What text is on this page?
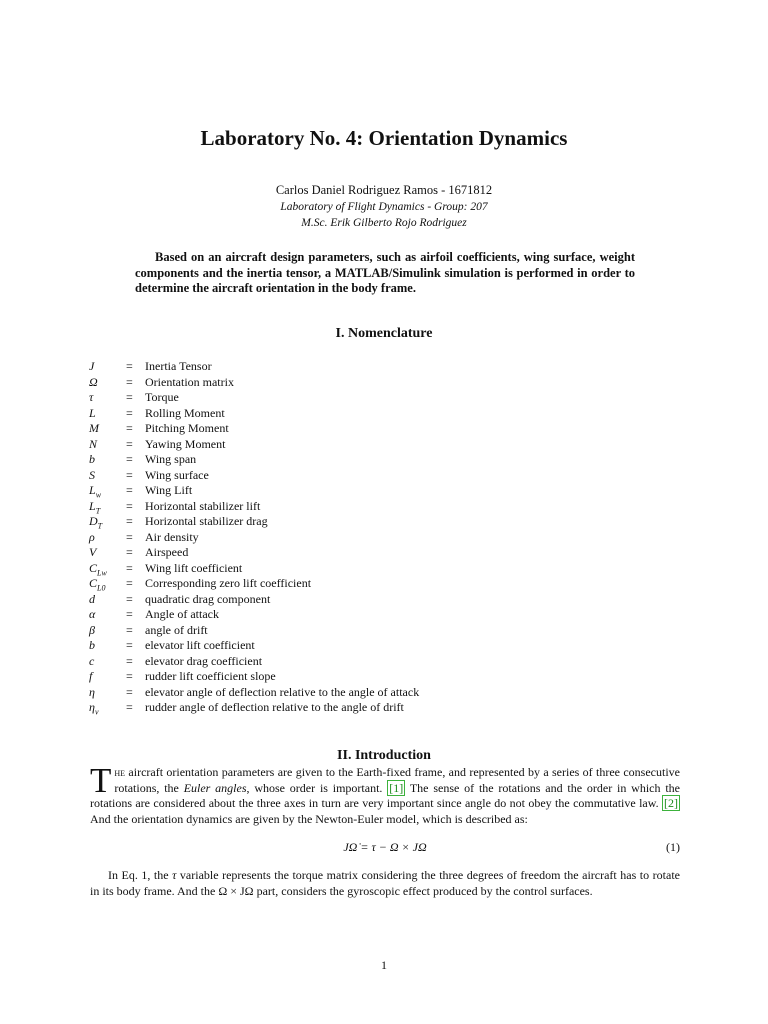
Laboratory No. 4: Orientation Dynamics
Carlos Daniel Rodriguez Ramos - 1671812
Laboratory of Flight Dynamics - Group: 207
M.Sc. Erik Gilberto Rojo Rodriguez
Based on an aircraft design parameters, such as airfoil coefficients, wing surface, weight components and the inertia tensor, a MATLAB/Simulink simulation is performed in order to determine the aircraft orientation in the body frame.
I. Nomenclature
J	= Inertia Tensor
Ω = Orientation matrix
τ	= Torque
L	= Rolling Moment
M = Pitching Moment
N = Yawing Moment
b	= Wing span
S	= Wing surface
$L_w$ = Wing Lift
$L_T$ = Horizontal stabilizer lift
$D_T$ = Horizontal stabilizer drag
ρ	= Air density
V = Airspeed
$C_{Lw}$ = Wing lift coefficient
$C_{L0}$ = Corresponding zero lift coefficient
d	= quadratic drag component
α	= Angle of attack
β	= angle of drift
b	= elevator lift coefficient
c	= elevator drag coefficient
f	= rudder lift coefficient slope
η	= elevator angle of deflection relative to the angle of attack
$\eta_v$ = rudder angle of deflection relative to the angle of drift
II. Introduction
The aircraft orientation parameters are given to the Earth-fixed frame, and represented by a series of three consecutive rotations, the Euler angles, whose order is important. [1] The sense of the rotations and the order in which the rotations are considered about the three axes in turn are very important since angle do not obey the commutative law. [2] And the orientation dynamics are given by the Newton-Euler model, which is described as:
JΩ̇ = τ − Ω × JΩ	(1)
In Eq. 1, the τ variable represents the torque matrix considering the three degrees of freedom the aircraft has to rotate in its body frame. And the Ω × JΩ part, considers the gyroscopic effect produced by the control surfaces.
1
